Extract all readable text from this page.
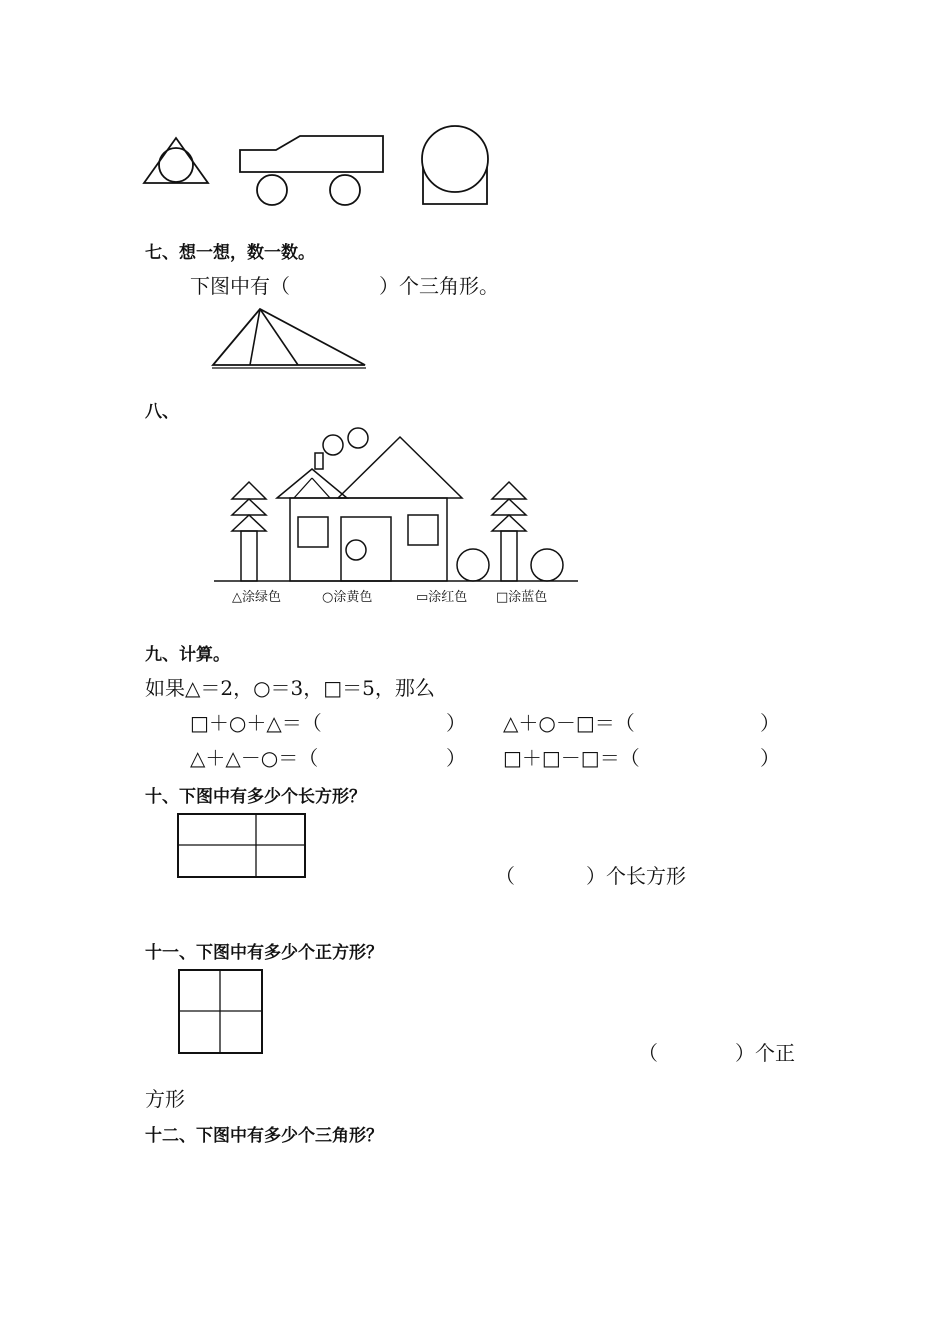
七、想一想，数一数。
下图中有（	）个三角形。
八、
△涂绿色	○涂黄色	▭涂红色 □涂蓝色
九、计算。
如果△＝2，○＝3，□＝5，那么
□＋○＋△＝（	） △＋○－□＝（	）
△＋△－○＝（	） □＋□－□＝（	）
十、下图中有多少个长方形？
（	）个长方形
十一、下图中有多少个正方形？
（	）个正
方形
十二、下图中有多少个三角形？
